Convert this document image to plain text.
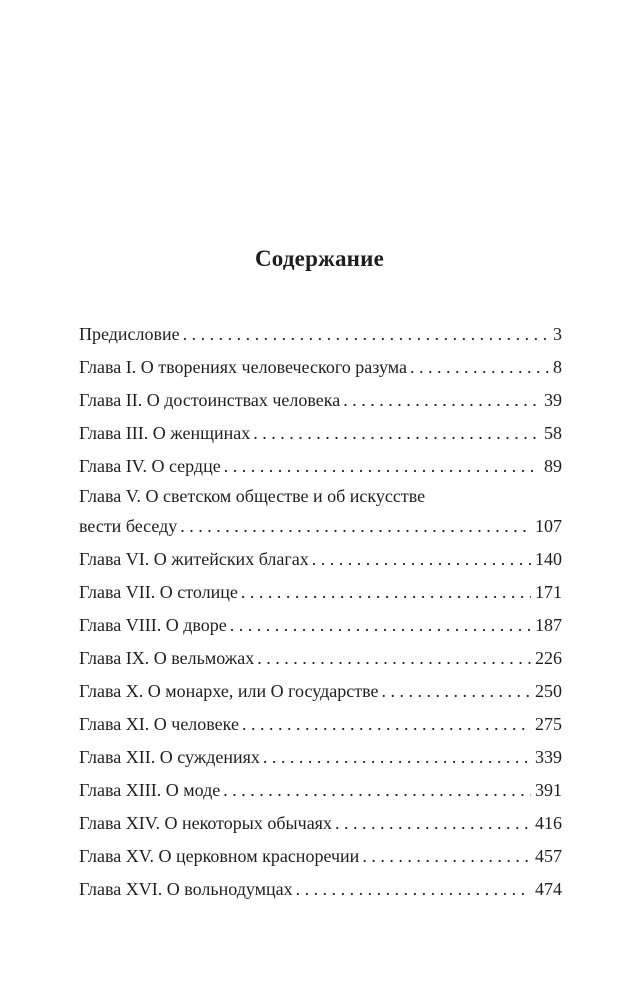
Содержание
Предисловие . . .	3
Глава I. О творениях человеческого разума . . .	8
Глава II. О достоинствах человека . . .	39
Глава III. О женщинах . . .	58
Глава IV. О сердце . . .	89
Глава V. О светском обществе и об искусстве
вести беседу . . .	107
Глава VI. О житейских благах . . .	140
Глава VII. О столице . . .	171
Глава VIII. О дворе . . .	187
Глава IX. О вельможах . . .	226
Глава X. О монархе, или О государстве . . .	250
Глава XI. О человеке . . .	275
Глава XII. О суждениях . . .	339
Глава XIII. О моде . . .	391
Глава XIV. О некоторых обычаях . . .	416
Глава XV. О церковном красноречии . . .	457
Глава XVI. О вольнодумцах . . .	474
